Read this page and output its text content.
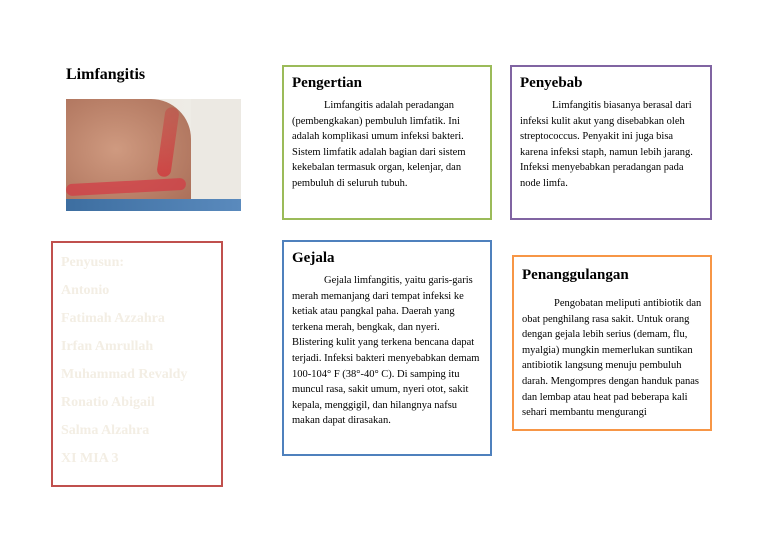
Limfangitis	Pengertian

Limfangitis adalah peradangan (pembengkakan) pembuluh limfatik. Ini adalah komplikasi umum infeksi bakteri. Sistem limfatik adalah bagian dari sistem kekebalan termasuk organ, kelenjar, dan pembuluh di seluruh tubuh.

Penyebab

Limfangitis biasanya berasal dari infeksi kulit akut yang disebabkan oleh streptococcus. Penyakit ini juga bisa karena infeksi staph, namun lebih jarang. Infeksi menyebabkan peradangan pada node limfa.

Penyusun:
Antonio
Fatimah Azzahra
Irfan Amrullah
Muhammad Revaldy
Ronatio Abigail
Salma Alzahra
XI MIA 3
Gejala

Gejala limfangitis, yaitu garis-garis merah memanjang dari tempat infeksi ke ketiak atau pangkal paha. Daerah yang terkena merah, bengkak, dan nyeri. Blistering kulit yang terkena bencana dapat terjadi. Infeksi bakteri menyebabkan demam 100-104° F (38°-40° C). Di samping itu muncul rasa, sakit umum, nyeri otot, sakit kepala, menggigil, dan hilangnya nafsu makan dapat dirasakan.

Penanggulangan

Pengobatan meliputi antibiotik dan obat penghilang rasa sakit. Untuk orang dengan gejala lebih serius (demam, flu, myalgia) mungkin memerlukan suntikan antibiotik langsung menuju pembuluh darah. Mengompres dengan handuk panas dan lembap atau heat pad beberapa kali sehari membantu mengurangi
